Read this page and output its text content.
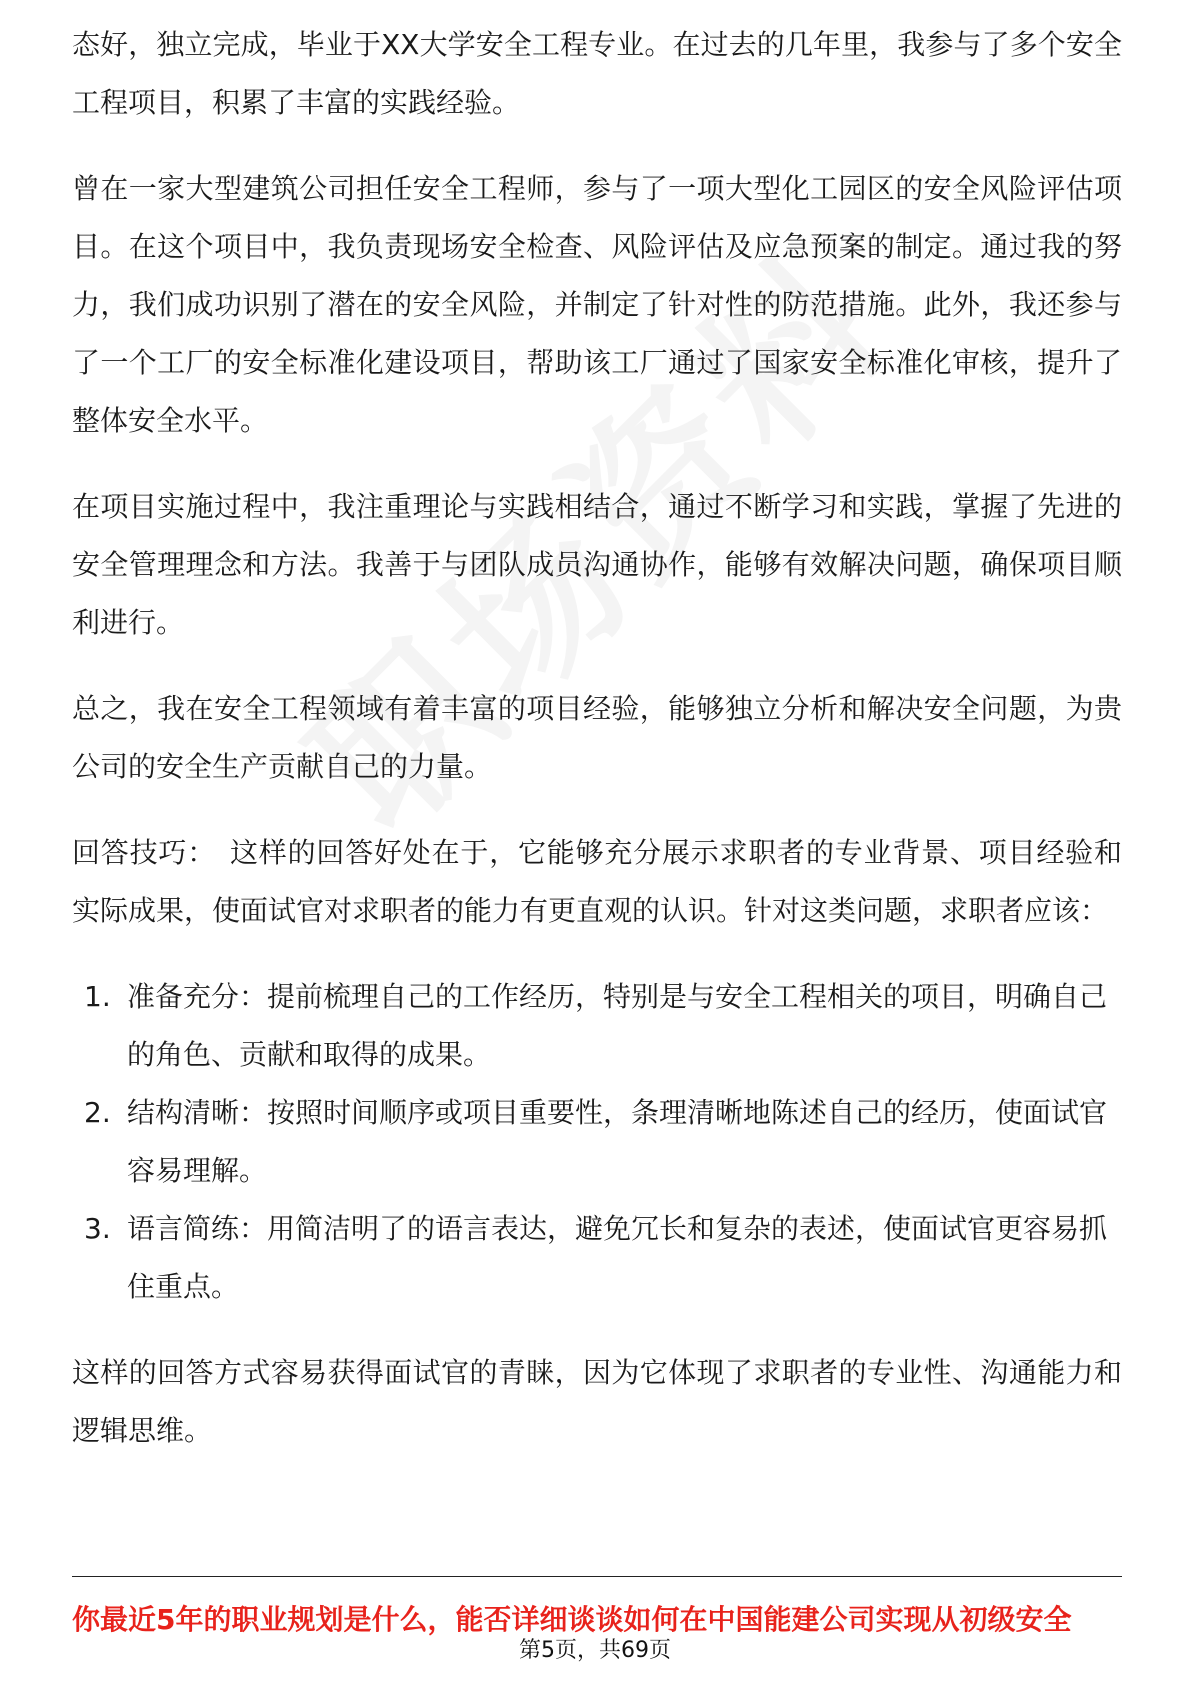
态好，独立完成，毕业于XX大学安全工程专业。在过去的几年里，我参与了多个安全工程项目，积累了丰富的实践经验。

曾在一家大型建筑公司担任安全工程师，参与了一项大型化工园区的安全风险评估项目。在这个项目中，我负责现场安全检查、风险评估及应急预案的制定。通过我的努力，我们成功识别了潜在的安全风险，并制定了针对性的防范措施。此外，我还参与了一个工厂的安全标准化建设项目，帮助该工厂通过了国家安全标准化审核，提升了整体安全水平。

在项目实施过程中，我注重理论与实践相结合，通过不断学习和实践，掌握了先进的安全管理理念和方法。我善于与团队成员沟通协作，能够有效解决问题，确保项目顺利进行。

总之，我在安全工程领域有着丰富的项目经验，能够独立分析和解决安全问题，为贵公司的安全生产贡献自己的力量。

回答技巧： 这样的回答好处在于，它能够充分展示求职者的专业背景、项目经验和实际成果，使面试官对求职者的能力有更直观的认识。针对这类问题，求职者应该：

1. 准备充分：提前梳理自己的工作经历，特别是与安全工程相关的项目，明确自己的角色、贡献和取得的成果。
2. 结构清晰：按照时间顺序或项目重要性，条理清晰地陈述自己的经历，使面试官容易理解。
3. 语言简练：用简洁明了的语言表达，避免冗长和复杂的表述，使面试官更容易抓住重点。

这样的回答方式容易获得面试官的青睐，因为它体现了求职者的专业性、沟通能力和逻辑思维。

你最近5年的职业规划是什么，能否详细谈谈如何在中国能建公司实现从初级安全
第5页，共69页
